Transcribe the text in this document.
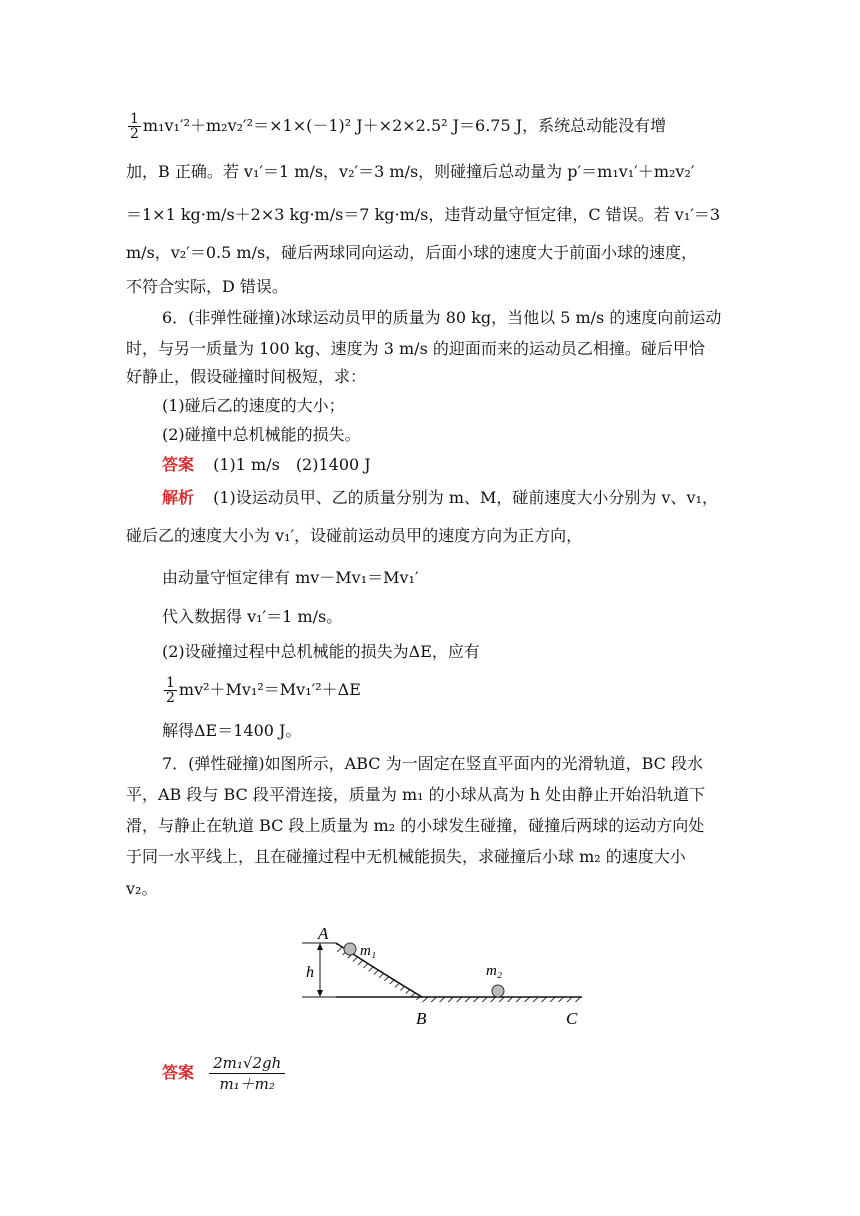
$\frac{1}{2} m_1v_1'^2+m_2v_2'^2=\times 1\times(-1)^2$ J＋×2×2.5² J＝6.75 J，系统总动能没有增
加，B 正确。若 v₁′＝1 m/s，v₂′＝3 m/s，则碰撞后总动量为 p′＝m₁v₁′＋m₂v₂′
＝1×1 kg·m/s＋2×3 kg·m/s＝7 kg·m/s，违背动量守恒定律，C 错误。若 v₁′＝3
m/s，v₂′＝0.5 m/s，碰后两球同向运动，后面小球的速度大于前面小球的速度，
不符合实际，D 错误。
6．(非弹性碰撞)冰球运动员甲的质量为 80 kg，当他以 5 m/s 的速度向前运动
时，与另一质量为 100 kg、速度为 3 m/s 的迎面而来的运动员乙相撞。碰后甲恰
好静止，假设碰撞时间极短，求：
(1)碰后乙的速度的大小；
(2)碰撞中总机械能的损失。
答案 (1)1 m/s　(2)1400 J
解析 (1)设运动员甲、乙的质量分别为 m、M，碰前速度大小分别为 v、v₁，
碰后乙的速度大小为 v₁′，设碰前运动员甲的速度方向为正方向，
由动量守恒定律有 mv－Mv₁＝Mv₁′
代入数据得 v₁′＝1 m/s。
(2)设碰撞过程中总机械能的损失为ΔE，应有
$\frac{1}{2} mv^2+Mv_1^2=Mv_1'^2+\Delta E$
解得ΔE＝1400 J。
7．(弹性碰撞)如图所示，ABC 为一固定在竖直平面内的光滑轨道，BC 段水
平，AB 段与 BC 段平滑连接，质量为 m₁ 的小球从高为 h 处由静止开始沿轨道下
滑，与静止在轨道 BC 段上质量为 m₂ 的小球发生碰撞，碰撞后两球的运动方向处
于同一水平线上，且在碰撞过程中无机械能损失，求碰撞后小球 m₂ 的速度大小
v₂。
A
h
m₁
m₂
B	C
答案 $\frac{\text{2m₁√2gh}}{\text{m₁＋m₂}}$
